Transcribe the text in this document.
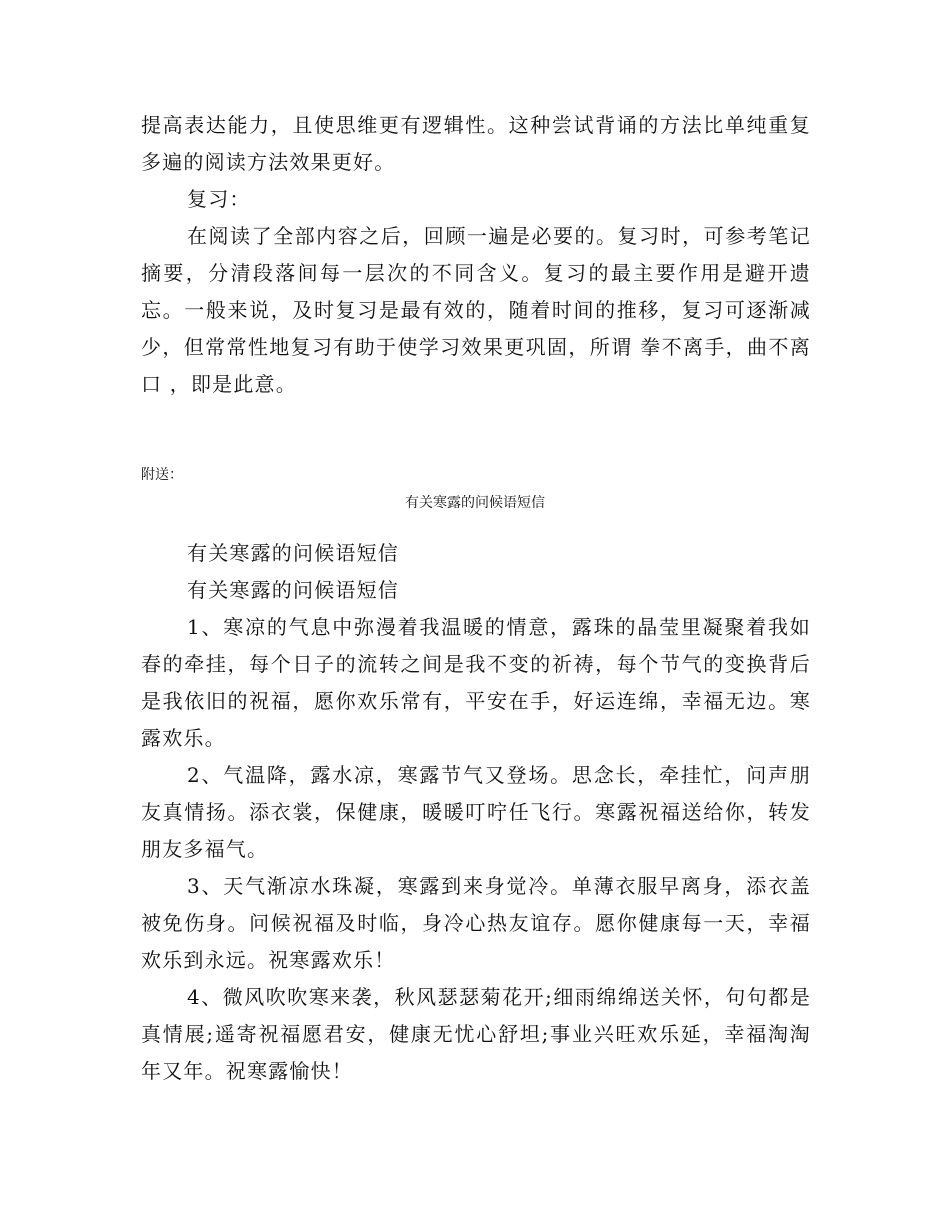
提高表达能力，且使思维更有逻辑性。这种尝试背诵的方法比单纯重复多遍的阅读方法效果更好。

复习：

在阅读了全部内容之后，回顾一遍是必要的。复习时，可参考笔记摘要，分清段落间每一层次的不同含义。复习的最主要作用是避开遗忘。一般来说，及时复习是最有效的，随着时间的推移，复习可逐渐减少，但常常性地复习有助于使学习效果更巩固，所谓 拳不离手，曲不离口 ，即是此意。

附送：

有关寒露的问候语短信

有关寒露的问候语短信

有关寒露的问候语短信

1、寒凉的气息中弥漫着我温暖的情意，露珠的晶莹里凝聚着我如春的牵挂，每个日子的流转之间是我不变的祈祷，每个节气的变换背后是我依旧的祝福，愿你欢乐常有，平安在手，好运连绵，幸福无边。寒露欢乐。

2、气温降，露水凉，寒露节气又登场。思念长，牵挂忙，问声朋友真情扬。添衣裳，保健康，暖暖叮咛任飞行。寒露祝福送给你，转发朋友多福气。

3、天气渐凉水珠凝，寒露到来身觉冷。单薄衣服早离身，添衣盖被免伤身。问候祝福及时临，身冷心热友谊存。愿你健康每一天，幸福欢乐到永远。祝寒露欢乐！

4、微风吹吹寒来袭，秋风瑟瑟菊花开;细雨绵绵送关怀，句句都是真情展;遥寄祝福愿君安，健康无忧心舒坦;事业兴旺欢乐延，幸福淘淘年又年。祝寒露愉快！
